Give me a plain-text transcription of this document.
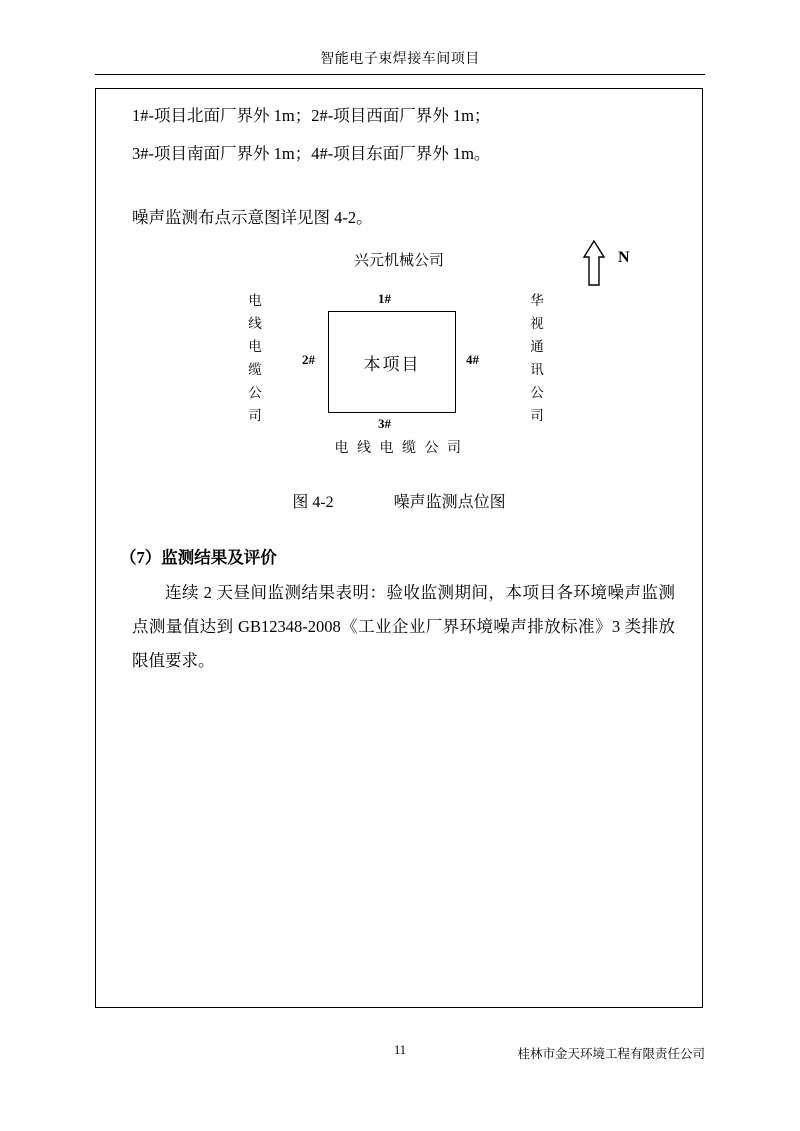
智能电子束焊接车间项目
1#-项目北面厂界外 1m；2#-项目西面厂界外 1m；
3#-项目南面厂界外 1m；4#-项目东面厂界外 1m。
噪声监测布点示意图详见图 4-2。
兴元机械公司	N
电线电缆公司
华视通讯公司
本项目
1#
2#
3#
4#
电 线 电 缆 公 司
图 4-2	噪声监测点位图
（7）监测结果及评价
连续 2 天昼间监测结果表明：验收监测期间，本项目各环境噪声监测点测量值达到 GB12348-2008《工业企业厂界环境噪声排放标准》3 类排放限值要求。
11	桂林市金天环境工程有限责任公司
